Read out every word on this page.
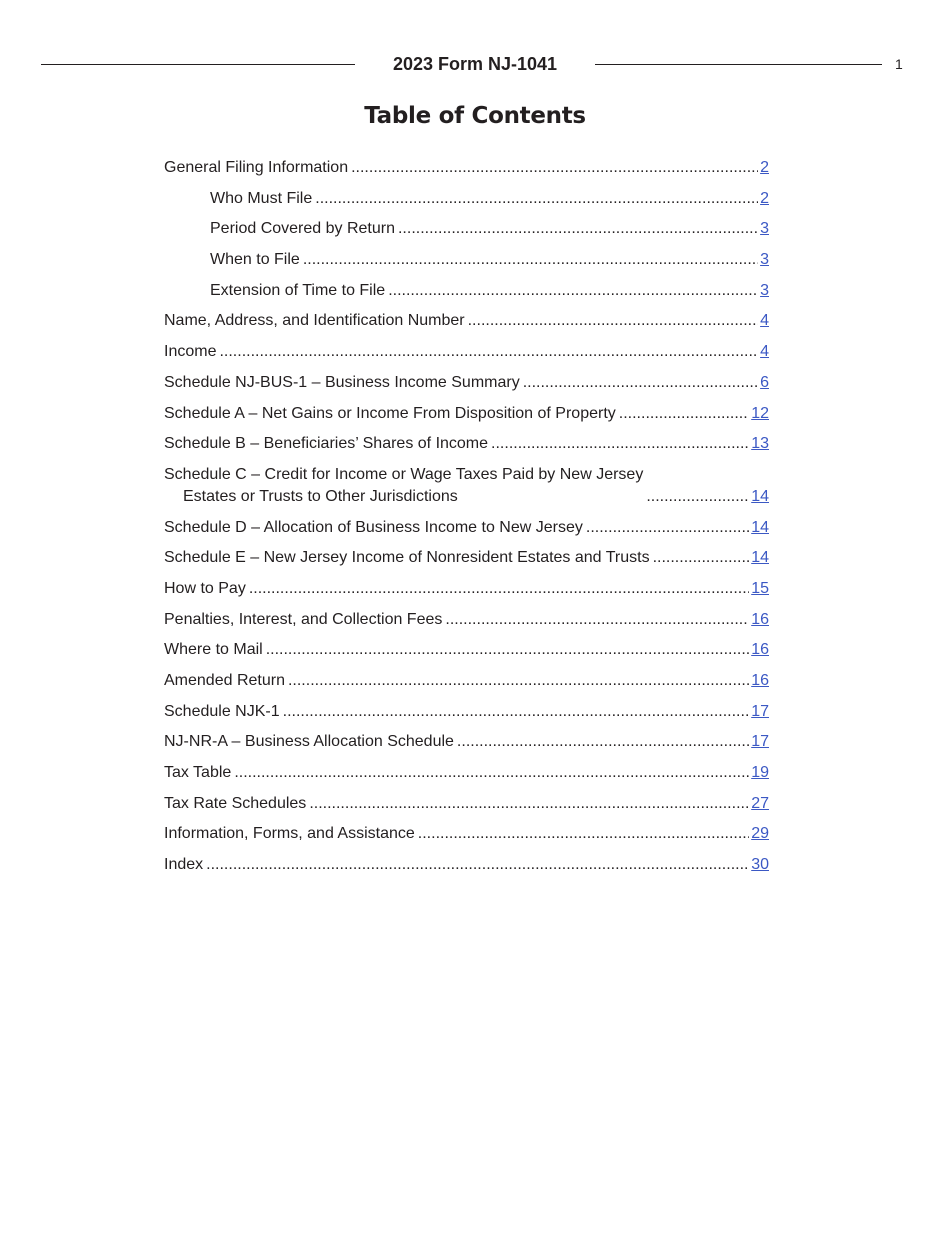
2023 Form NJ-1041	1
Table of Contents
General Filing Information .....	2
Who Must File .....	2
Period Covered by Return .....	3
When to File .....	3
Extension of Time to File .....	3
Name, Address, and Identification Number .....	4
Income .....	4
Schedule NJ-BUS-1 – Business Income Summary .....	6
Schedule A – Net Gains or Income From Disposition of Property .....	12
Schedule B – Beneficiaries’ Shares of Income .....	13
Schedule C – Credit for Income or Wage Taxes Paid by New Jersey
Estates or Trusts to Other Jurisdictions .....	14
Schedule D – Allocation of Business Income to New Jersey .....	14
Schedule E – New Jersey Income of Nonresident Estates and Trusts .....	14
How to Pay .....	15
Penalties, Interest, and Collection Fees .....	16
Where to Mail .....	16
Amended Return .....	16
Schedule NJK-1 .....	17
NJ-NR-A – Business Allocation Schedule .....	17
Tax Table .....	19
Tax Rate Schedules .....	27
Information, Forms, and Assistance .....	29
Index .....	30
